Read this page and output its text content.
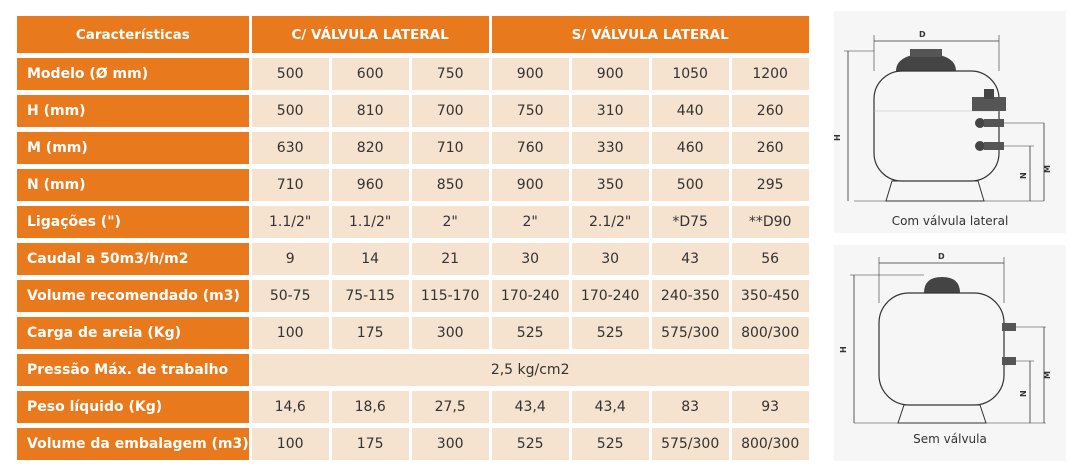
Características	C/ VÁLVULA LATERAL			S/ VÁLVULA LATERAL			
Modelo (Ø mm)	500	600	750	900	900	1050	1200
H (mm)	500	810	700	750	310	440	260
M (mm)	630	820	710	760	330	460	260
N (mm)	710	960	850	900	350	500	295
Ligações (")	1.1/2"	1.1/2"	2"	2"	2.1/2"	*D75	**D90
Caudal a 50m3/h/m2	9	14	21	30	30	43	56
Volume recomendado (m3)	50-75	75-115	115-170	170-240	170-240	240-350	350-450
Carga de areia (Kg)	100	175	300	525	525	575/300	800/300
Pressão Máx. de trabalho	2,5 kg/cm2						
Peso líquido (Kg)	14,6	18,6	27,5	43,4	43,4	83	93
Volume da embalagem (m3)	100	175	300	525	525	575/300	800/300
D
H
N
M
Com válvula lateral
D
H
N
M
Sem válvula
